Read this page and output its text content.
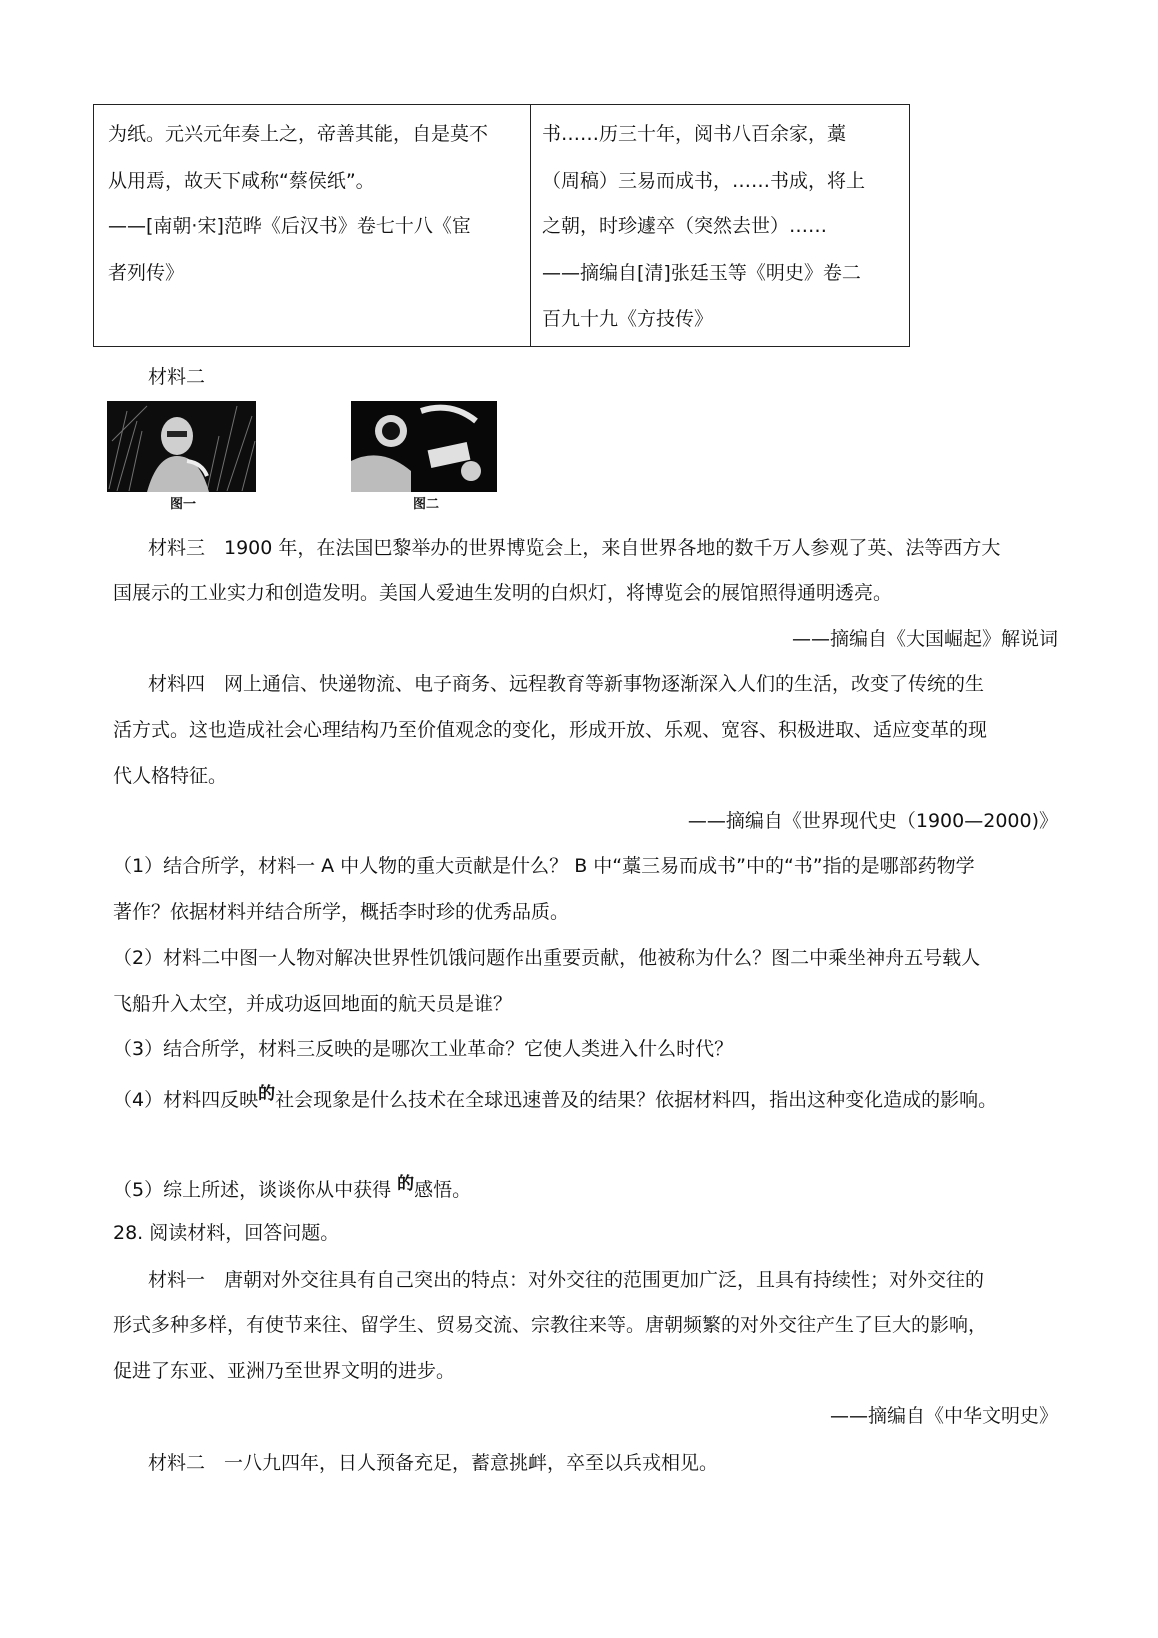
为纸。元兴元年奏上之，帝善其能，自是莫不
从用焉，故天下咸称“蔡侯纸”。
——[南朝·宋]范晔《后汉书》卷七十八《宦
者列传》
书……历三十年，阅书八百余家，藁
（周稿）三易而成书，……书成，将上
之朝，时珍遽卒（突然去世）……
——摘编自[清]张廷玉等《明史》卷二
百九十九《方技传》
材料二
图一	图二
材料三　1900 年，在法国巴黎举办的世界博览会上，来自世界各地的数千万人参观了英、法等西方大
国展示的工业实力和创造发明。美国人爱迪生发明的白炽灯，将博览会的展馆照得通明透亮。
——摘编自《大国崛起》解说词
材料四　网上通信、快递物流、电子商务、远程教育等新事物逐渐深入人们的生活，改变了传统的生
活方式。这也造成社会心理结构乃至价值观念的变化，形成开放、乐观、宽容、积极进取、适应变革的现
代人格特征。
——摘编自《世界现代史（1900—2000)》
（1）结合所学，材料一 A 中人物的重大贡献是什么？ B 中“藁三易而成书”中的“书”指的是哪部药物学
著作？依据材料并结合所学，概括李时珍的优秀品质。
（2）材料二中图一人物对解决世界性饥饿问题作出重要贡献，他被称为什么？图二中乘坐神舟五号载人
飞船升入太空，并成功返回地面的航天员是谁？
（3）结合所学，材料三反映的是哪次工业革命？它使人类进入什么时代？
（4）材料四反映的社会现象是什么技术在全球迅速普及的结果？依据材料四，指出这种变化造成的影响。
（5）综上所述，谈谈你从中获得 的感悟。
28. 阅读材料，回答问题。
材料一　唐朝对外交往具有自己突出的特点：对外交往的范围更加广泛，且具有持续性；对外交往的
形式多种多样，有使节来往、留学生、贸易交流、宗教往来等。唐朝频繁的对外交往产生了巨大的影响，
促进了东亚、亚洲乃至世界文明的进步。
——摘编自《中华文明史》
材料二　一八九四年，日人预备充足，蓄意挑衅，卒至以兵戎相见。
